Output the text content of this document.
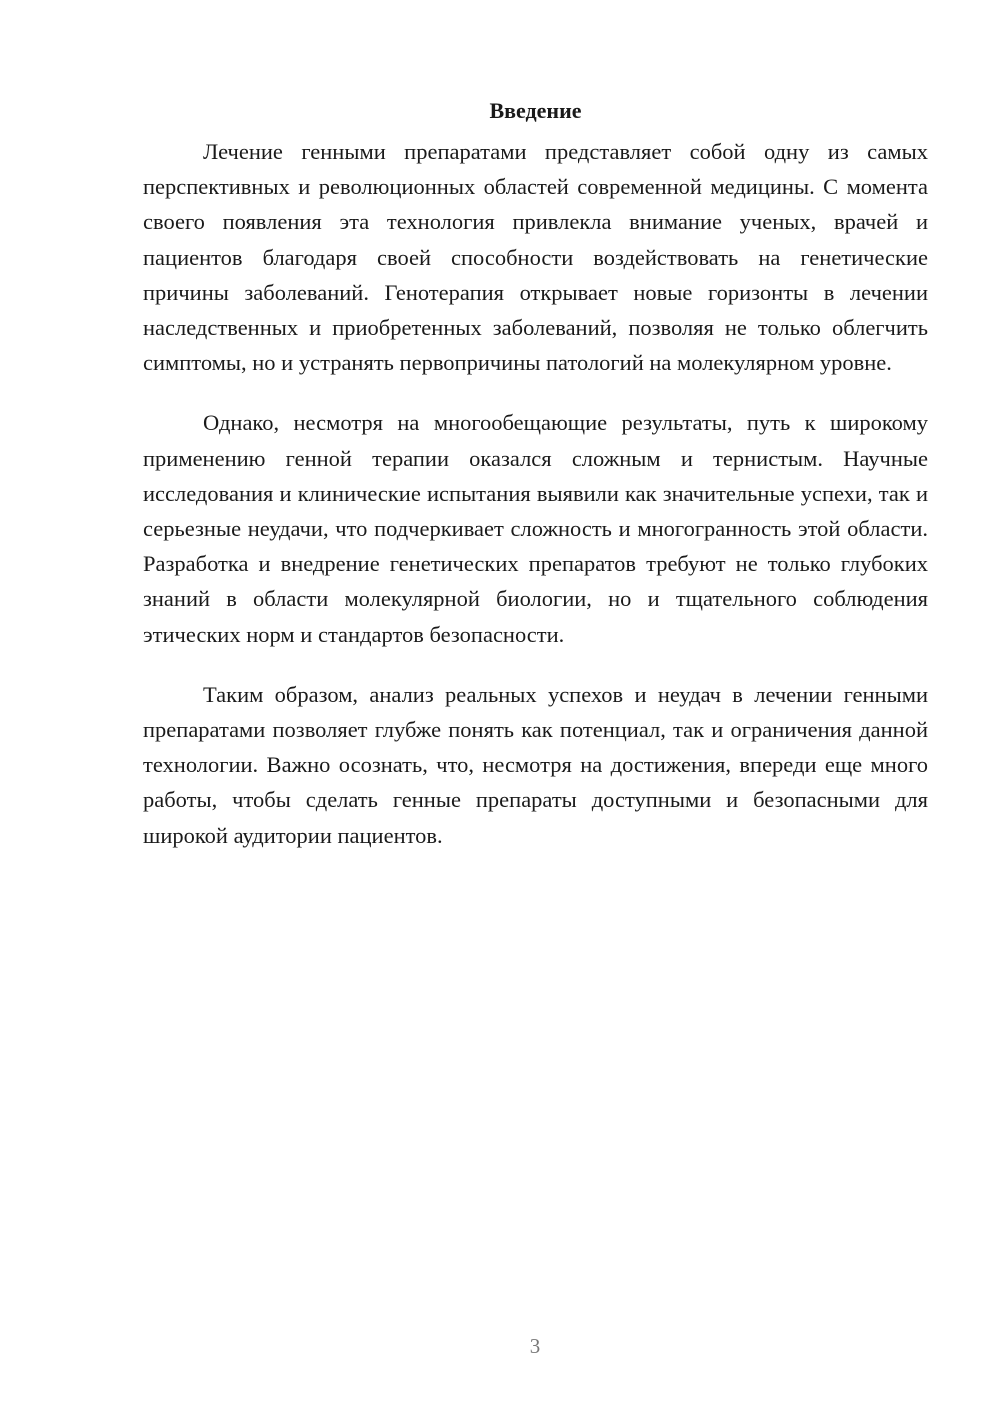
Введение

Лечение генными препаратами представляет собой одну из самых перспективных и революционных областей современной медицины. С момента своего появления эта технология привлекла внимание ученых, врачей и пациентов благодаря своей способности воздействовать на генетические причины заболеваний. Генотерапия открывает новые горизонты в лечении наследственных и приобретенных заболеваний, позволяя не только облегчить симптомы, но и устранять первопричины патологий на молекулярном уровне.

Однако, несмотря на многообещающие результаты, путь к широкому применению генной терапии оказался сложным и тернистым. Научные исследования и клинические испытания выявили как значительные успехи, так и серьезные неудачи, что подчеркивает сложность и многогранность этой области. Разработка и внедрение генетических препаратов требуют не только глубоких знаний в области молекулярной биологии, но и тщательного соблюдения этических норм и стандартов безопасности.

Таким образом, анализ реальных успехов и неудач в лечении генными препаратами позволяет глубже понять как потенциал, так и ограничения данной технологии. Важно осознать, что, несмотря на достижения, впереди еще много работы, чтобы сделать генные препараты доступными и безопасными для широкой аудитории пациентов.

3
